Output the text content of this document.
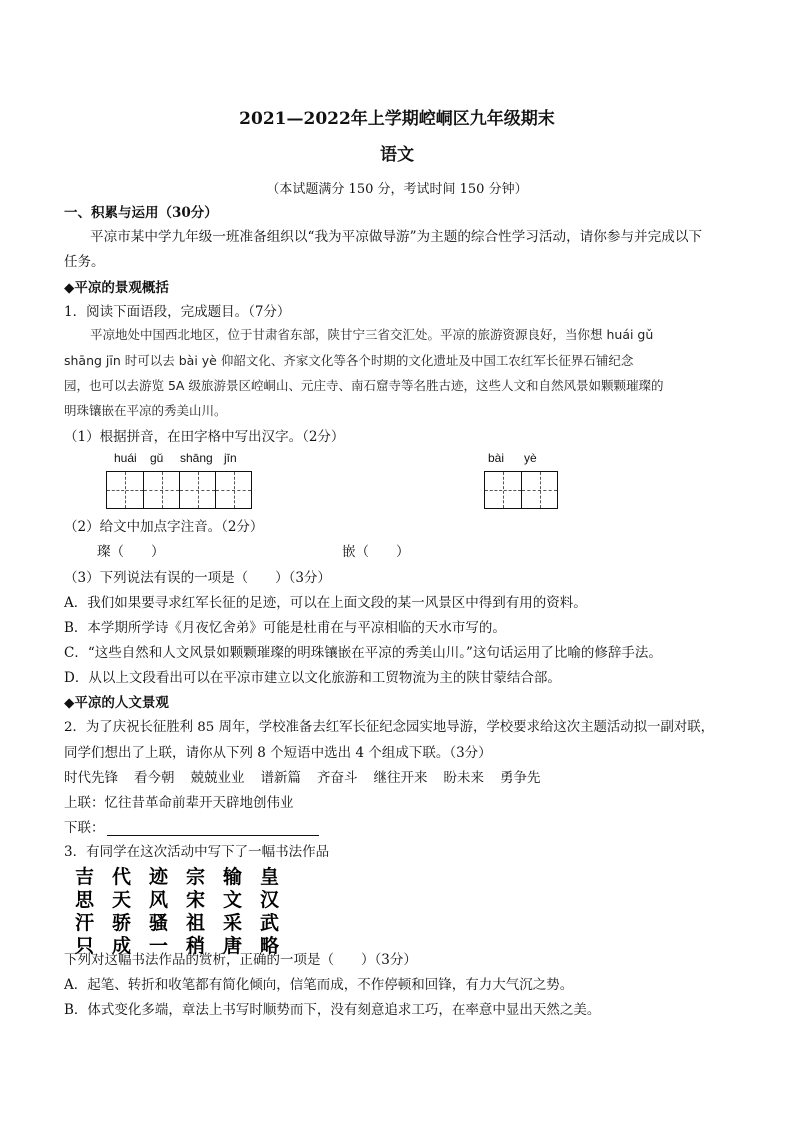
2021—2022年上学期崆峒区九年级期末
语文
（本试题满分 150 分，考试时间 150 分钟）
一、积累与运用（30分）
平凉市某中学九年级一班准备组织以“我为平凉做导游”为主题的综合性学习活动，请你参与并完成以下
任务。
◆平凉的景观概括
1．阅读下面语段，完成题目。（7分）
平凉地处中国西北地区，位于甘肃省东部，陕甘宁三省交汇处。平凉的旅游资源良好，当你想 huái gǔ
shāng jīn 时可以去 bài yè 仰韶文化、齐家文化等各个时期的文化遗址及中国工农红军长征界石铺纪念
园，也可以去游览 5A 级旅游景区崆峒山、元庄寺、南石窟寺等名胜古迹，这些人文和自然风景如颗颗璀璨的
明珠镶嵌在平凉的秀美山川。
（1）根据拼音，在田字格中写出汉字。（2分）
huái gǔ shāng jīn	bài yè
（2）给文中加点字注音。（2分）
璨（　　）	嵌（　　）
（3）下列说法有误的一项是（　　）（3分）
A．我们如果要寻求红军长征的足迹，可以在上面文段的某一风景区中得到有用的资料。
B．本学期所学诗《月夜忆舍弟》可能是杜甫在与平凉相临的天水市写的。
C．“这些自然和人文风景如颗颗璀璨的明珠镶嵌在平凉的秀美山川。”这句话运用了比喻的修辞手法。
D．从以上文段看出可以在平凉市建立以文化旅游和工贸物流为主的陕甘蒙结合部。
◆平凉的人文景观
2．为了庆祝长征胜利 85 周年，学校准备去红军长征纪念园实地导游，学校要求给这次主题活动拟一副对联，
同学们想出了上联，请你从下列 8 个短语中选出 4 个组成下联。（3分）
时代先锋 看今朝 兢兢业业 谱新篇 齐奋斗 继往开来 盼未来 勇争先
上联：忆往昔革命前辈开天辟地创伟业
下联：
3．有同学在这次活动中写下了一幅书法作品
吉 代 迹 宗 输 皇
思 天 风 宋 文 汉
汗 骄 骚 祖 采 武
只 成 一 稍 唐 略
下列对这幅书法作品的赏析，正确的一项是（　　）（3分）
A．起笔、转折和收笔都有简化倾向，信笔而成，不作停顿和回锋，有力大气沉之势。
B．体式变化多端，章法上书写时顺势而下，没有刻意追求工巧，在率意中显出天然之美。
